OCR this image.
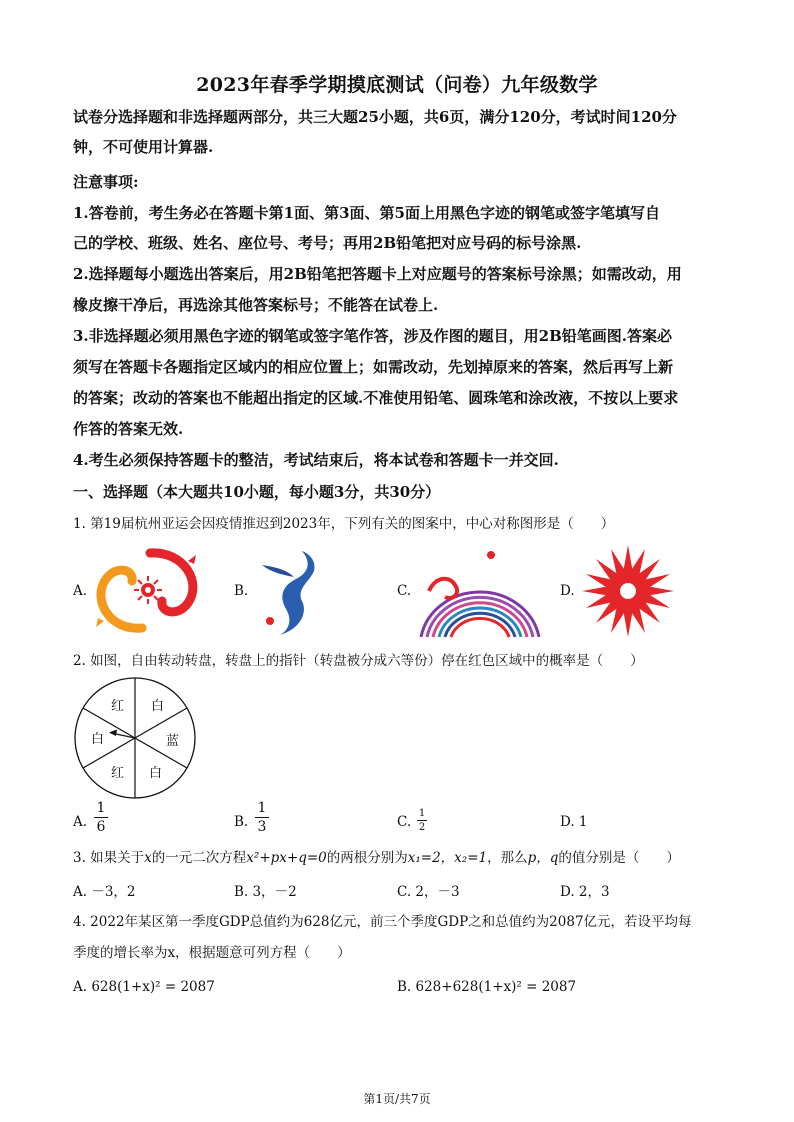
2023年春季学期摸底测试（问卷）九年级数学
试卷分选择题和非选择题两部分，共三大题25小题，共6页，满分120分，考试时间120分
钟，不可使用计算器.
注意事项:
1.答卷前，考生务必在答题卡第1面、第3面、第5面上用黑色字迹的钢笔或签字笔填写自
己的学校、班级、姓名、座位号、考号；再用2B铅笔把对应号码的标号涂黑.
2.选择题每小题选出答案后，用2B铅笔把答题卡上对应题号的答案标号涂黑；如需改动，用
橡皮擦干净后，再选涂其他答案标号；不能答在试卷上.
3.非选择题必须用黑色字迹的钢笔或签字笔作答，涉及作图的题目，用2B铅笔画图.答案必
须写在答题卡各题指定区域内的相应位置上；如需改动，先划掉原来的答案，然后再写上新
的答案；改动的答案也不能超出指定的区域.不准使用铅笔、圆珠笔和涂改液，不按以上要求
作答的答案无效.
4.考生必须保持答题卡的整洁，考试结束后，将本试卷和答题卡一并交回.
一、选择题（本大题共10小题，每小题3分，共30分）
1. 第19届杭州亚运会因疫情推迟到2023年，下列有关的图案中，中心对称图形是（　　）
A.	B.	C.	D.
2. 如图，自由转动转盘，转盘上的指针（转盘被分成六等份）停在红色区域中的概率是（　　）
红 白
蓝
白
红
白
A. $\frac{1}{6}$	B. $\frac{1}{3}$	C. $\frac{1}{2}$	D. 1
3. 如果关于x的一元二次方程x²+px+q=0的两根分别为x₁=2，x₂=1，那么p，q的值分别是（　　）
A. －3，2	B. 3，－2	C. 2，－3	D. 2，3
4. 2022年某区第一季度GDP总值约为628亿元，前三个季度GDP之和总值约为2087亿元，若设平均每
季度的增长率为x，根据题意可列方程（　　）
A. 628(1+x)² = 2087	B. 628+628(1+x)² = 2087
第1页/共7页
